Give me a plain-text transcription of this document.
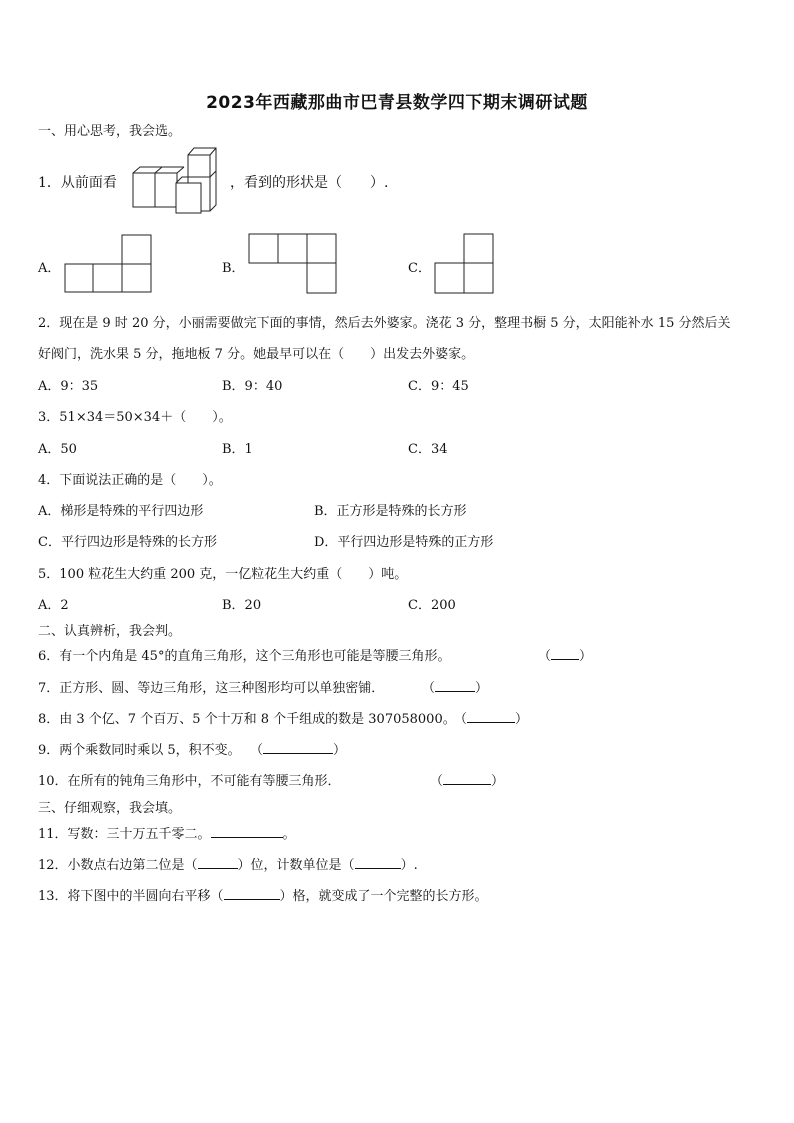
2023年西藏那曲市巴青县数学四下期末调研试题
一、用心思考，我会选。
1．从前面看	，看到的形状是（　　）.
A．	B．	C．
2．现在是 9 时 20 分，小丽需要做完下面的事情，然后去外婆家。浇花 3 分，整理书橱 5 分，太阳能补水 15 分然后关
好阀门，洗水果 5 分，拖地板 7 分。她最早可以在（　　）出发去外婆家。
A．9：35	B．9：40	C．9：45
3．51×34＝50×34＋（　　）。
A．50	B．1	C．34
4．下面说法正确的是（　　）。
A．梯形是特殊的平行四边形	B．正方形是特殊的长方形
C．平行四边形是特殊的长方形	D．平行四边形是特殊的正方形
5．100 粒花生大约重 200 克，一亿粒花生大约重（　　）吨。
A．2	B．20	C．200
二、认真辨析，我会判。
6．有一个内角是 45°的直角三角形，这个三角形也可能是等腰三角形。	（ ）
7．正方形、圆、等边三角形，这三种图形均可以单独密铺．	（	）
8．由 3 个亿、7 个百万、5 个十万和 8 个千组成的数是 307058000。
（	）
9．两个乘数同时乘以 5，积不变。 （	）
10．在所有的钝角三角形中，不可能有等腰三角形．	（	）
三、仔细观察，我会填。
11．写数：三十万五千零二。	。
12．小数点右边第二位是（	）位，计数单位是（	）.
13．将下图中的半圆向右平移（	）格，就变成了一个完整的长方形。
